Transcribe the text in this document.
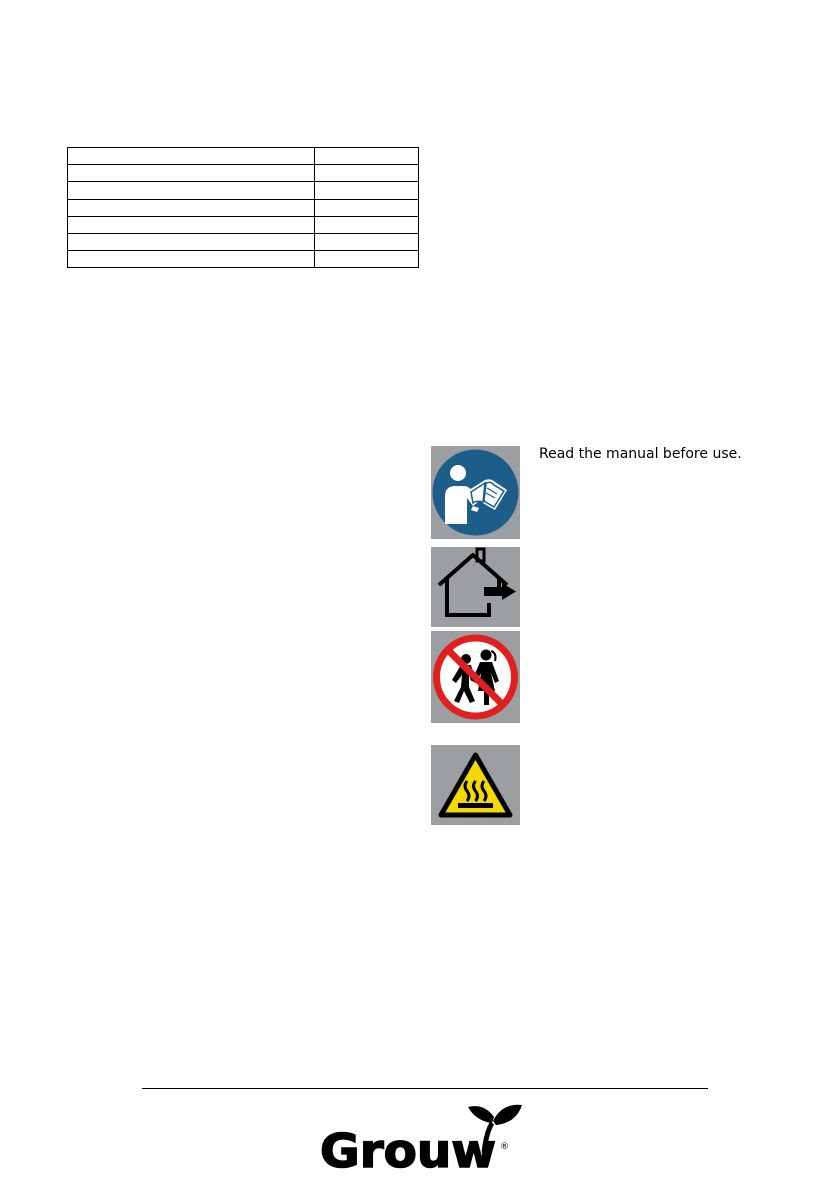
Read the manual before use.
Grouw ®
